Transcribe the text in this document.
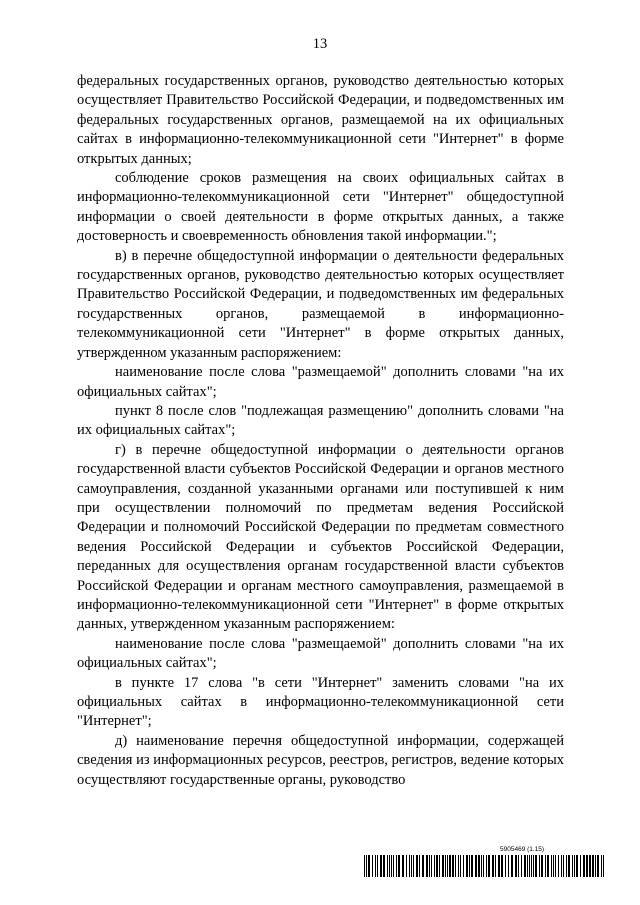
13

федеральных государственных органов, руководство деятельностью которых осуществляет Правительство Российской Федерации, и подведомственных им федеральных государственных органов, размещаемой на их официальных сайтах в информационно-телекоммуникационной сети "Интернет" в форме открытых данных;

соблюдение сроков размещения на своих официальных сайтах в информационно-телекоммуникационной сети "Интернет" общедоступной информации о своей деятельности в форме открытых данных, а также достоверность и своевременность обновления такой информации.";

в) в перечне общедоступной информации о деятельности федеральных государственных органов, руководство деятельностью которых осуществляет Правительство Российской Федерации, и подведомственных им федеральных государственных органов, размещаемой в информационно-телекоммуникационной сети "Интернет" в форме открытых данных, утвержденном указанным распоряжением:

наименование после слова "размещаемой" дополнить словами "на их официальных сайтах";

пункт 8 после слов "подлежащая размещению" дополнить словами "на их официальных сайтах";

г) в перечне общедоступной информации о деятельности органов государственной власти субъектов Российской Федерации и органов местного самоуправления, созданной указанными органами или поступившей к ним при осуществлении полномочий по предметам ведения Российской Федерации и полномочий Российской Федерации по предметам совместного ведения Российской Федерации и субъектов Российской Федерации, переданных для осуществления органам государственной власти субъектов Российской Федерации и органам местного самоуправления, размещаемой в информационно-телекоммуникационной сети "Интернет" в форме открытых данных, утвержденном указанным распоряжением:

наименование после слова "размещаемой" дополнить словами "на их официальных сайтах";

в пункте 17 слова "в сети "Интернет" заменить словами "на их официальных сайтах в информационно-телекоммуникационной сети "Интернет";

д) наименование перечня общедоступной информации, содержащей сведения из информационных ресурсов, реестров, регистров, ведение которых осуществляют государственные органы, руководство

5905469 (1.15)
